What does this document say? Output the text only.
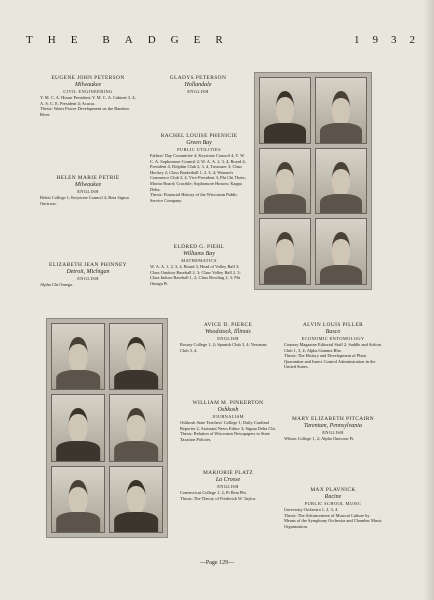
T H E B A D G E R	1 9 3 2
EUGENE JOHN PETERSON
Milwaukee
CIVIL ENGINEERING
Y. M. C. A. House President; Y. M. C. A. Cabinet 3, 4; A. S. C. E. President 4; Acacia.
Thesis: Water Power Development on the Baraboo River.
GLADYS PETERSON
Hollandale
ENGLISH
RACHEL LOUISE PHENICIE
Green Bay
PUBLIC UTILITIES
Fathers' Day Committee 4; Keystone Council 4; Y. W. C. A. Sophomore Council 2; W. A. A. 2, 3, 4; Board 4; President 4; Dolphin Club 2, 3, 4, Treasurer 3; Class Hockey 2; Class Basketball 1, 2, 3, 4; Woman's Commerce Club 3, 4, Vice-President 3; Phi Chi Theta; Mortar Board; Crucible; Sophomore Honors; Kappa Delta.
Thesis: Financial History of the Wisconsin Public Service Company.
HELEN MARIE PETRIE
Milwaukee
ENGLISH
Beloit College 1; Keystone Council 4; Beta Sigma Omicron.
ELDRED G. PIEHL
Williams Bay
MATHEMATICS
W. A. A. 1, 2, 3, 4, Board 3, Head of Volley Ball 3; Class Outdoor Baseball 2, 3; Class Volley Ball 2, 3; Class Indoor Baseball 1, 2; Class Bowling 2, 3; Phi Omega Pi.
ELIZABETH JEAN PHINNEY
Detroit, Michigan
ENGLISH
Alpha Chi Omega.
AVICE D. PIERCE
Woodstock, Illinois
ENGLISH
Rosary College 1, 2; Spanish Club 3, 4; Newman Club 3, 4.
ALVIN LOUIS PILLER
Basco
ECONOMIC ENTOMOLOGY
Country Magazine Editorial Staff 2; Saddle and Sirloin Club 1, 3, 4; Alpha Gamma Rho.
Thesis: The History and Development of Plant Quarantine and Insect Control Administration in the United States.
WILLIAM M. PINKERTON
Oshkosh
JOURNALISM
Oshkosh State Teachers' College 1; Daily Cardinal Reporter 2, Assistant News Editor 3; Sigma Delta Chi.
Thesis: Relation of Wisconsin Newspapers to State Taxation Policies.
MARY ELIZABETH PITCAIRN
Tarentum, Pennsylvania
ENGLISH
Wilson College 1, 2; Alpha Omicron Pi.
MARJORIE PLATZ
La Crosse
ENGLISH
Connecticut College 1, 2; Pi Beta Phi.
Thesis: The Theory of Frederick W. Taylor.
MAX PLAVNICK
Racine
PUBLIC SCHOOL MUSIC
University Orchestra 1, 2, 3, 4.
Thesis: The Advancement of Musical Culture by Means of the Symphony Orchestra and Chamber Music Organization.
—Page 129—
